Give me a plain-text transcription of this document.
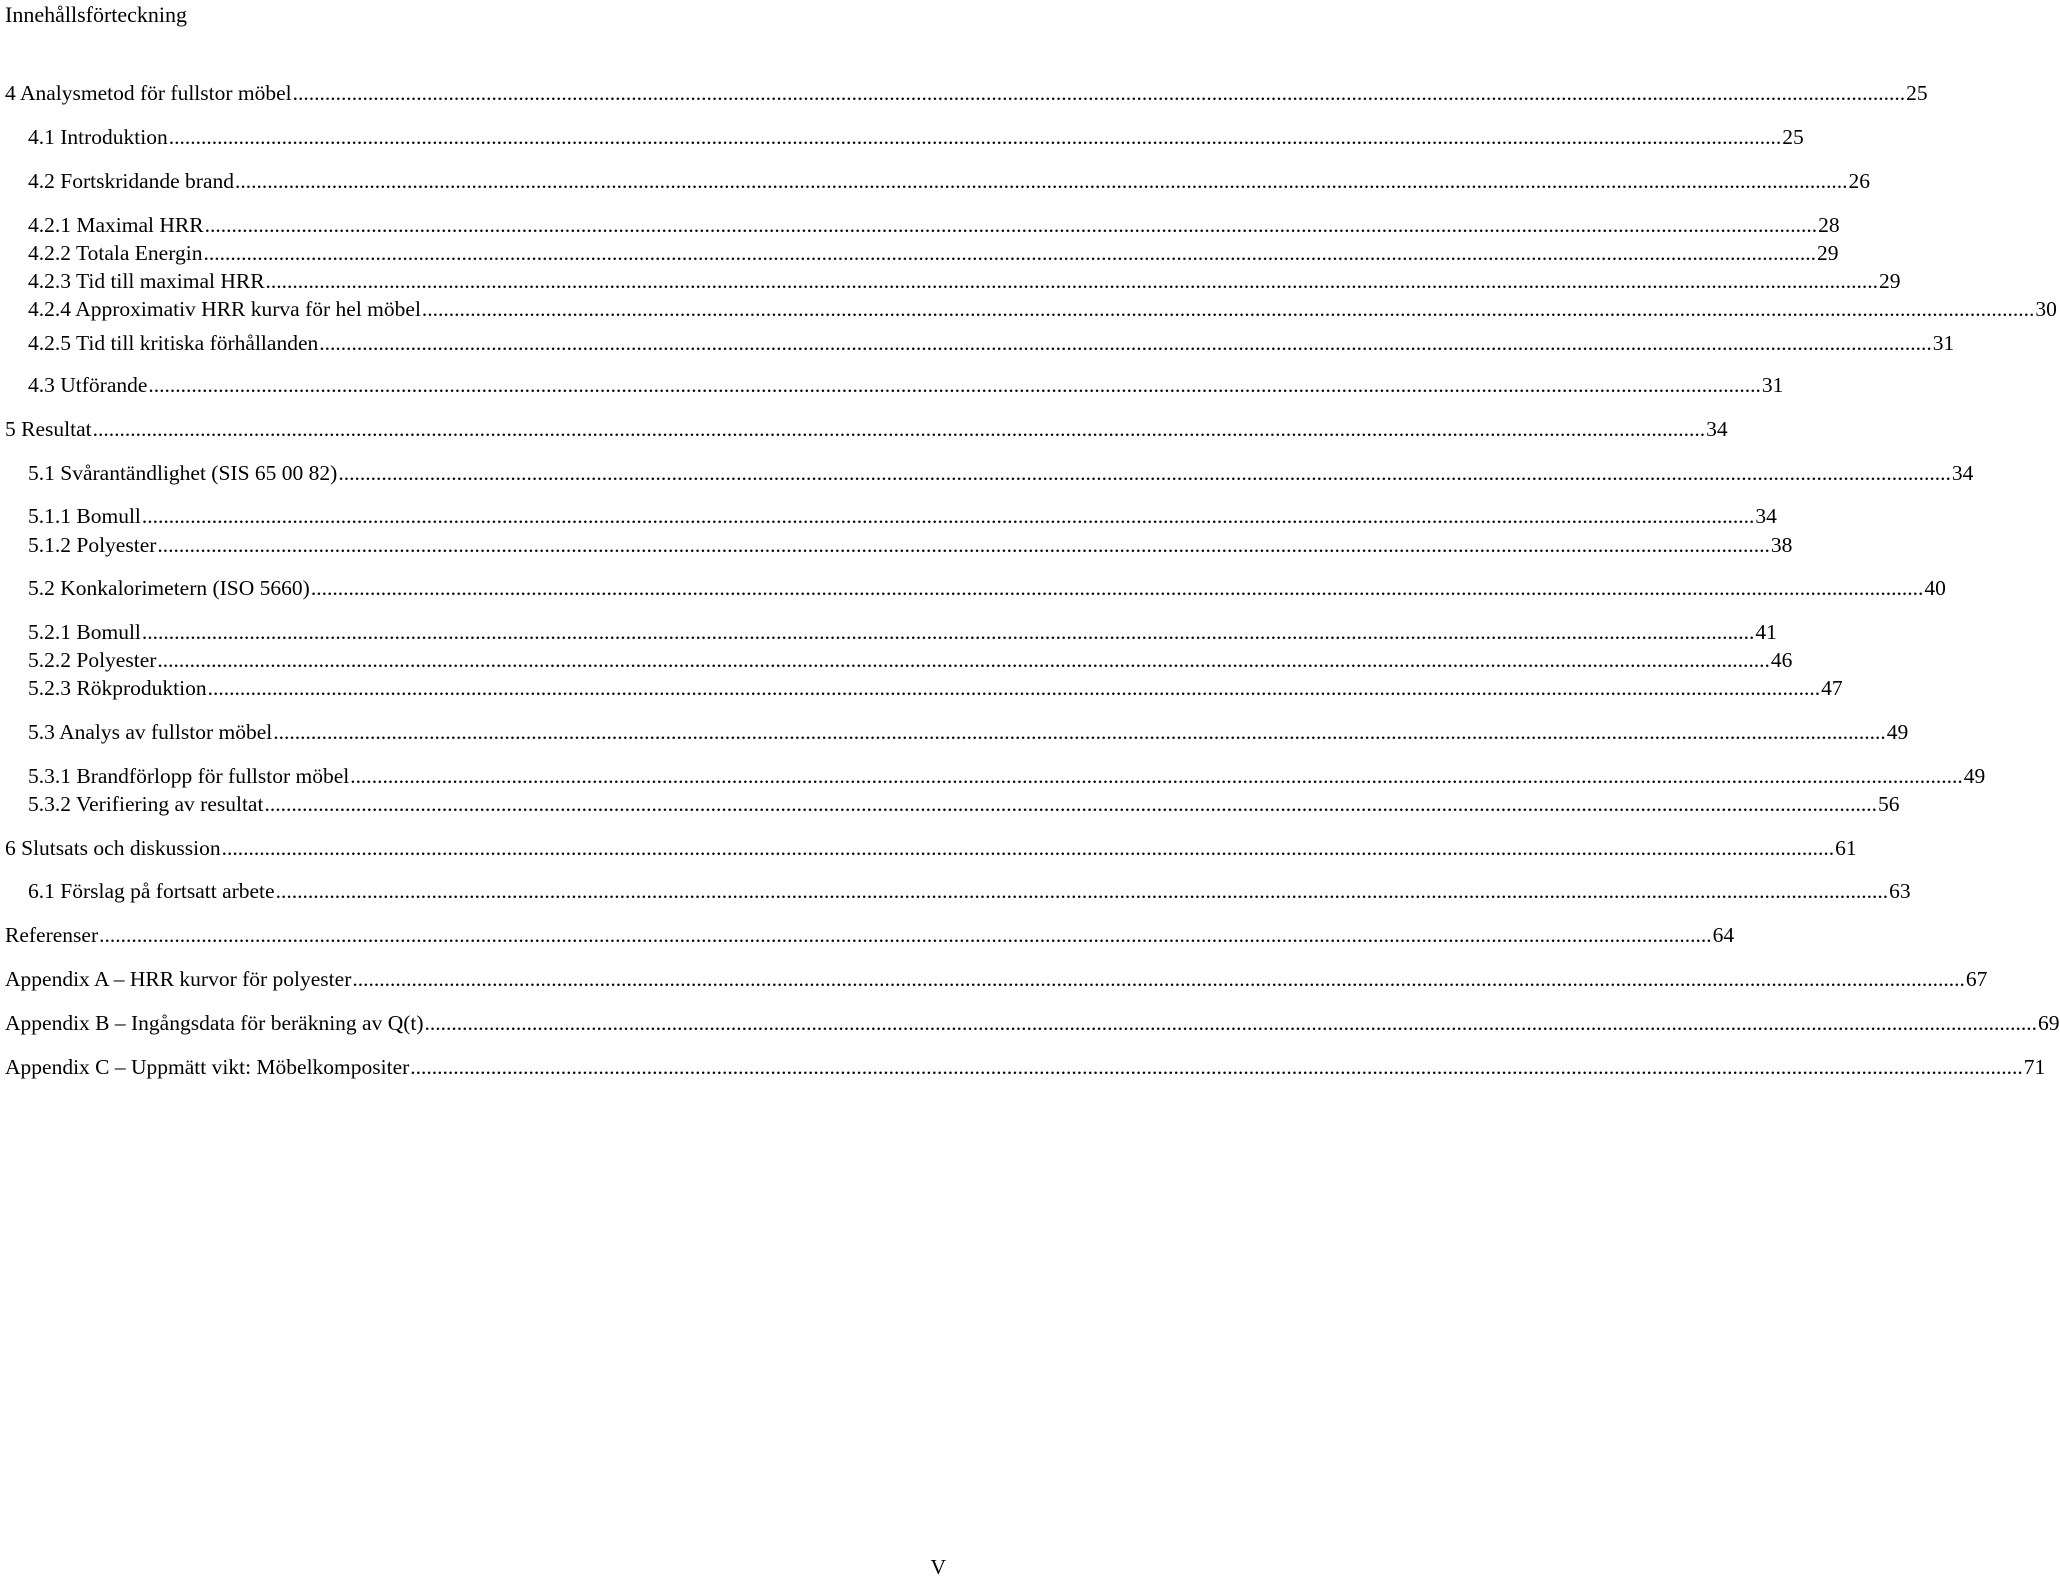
Innehållsförteckning
4 Analysmetod för fullstor möbel ............................................................................................................................................................................................................................................................................................................ 25
4.1 Introduktion ............................................................................................................................................................................................................................................................................................................ 25
4.2 Fortskridande brand ............................................................................................................................................................................................................................................................................................................ 26
4.2.1 Maximal HRR ............................................................................................................................................................................................................................................................................................................ 28
4.2.2 Totala Energin ............................................................................................................................................................................................................................................................................................................ 29
4.2.3 Tid till maximal HRR ............................................................................................................................................................................................................................................................................................................ 29
4.2.4 Approximativ HRR kurva för hel möbel ............................................................................................................................................................................................................................................................................................................ 30
4.2.5 Tid till kritiska förhållanden ............................................................................................................................................................................................................................................................................................................ 31
4.3 Utförande ............................................................................................................................................................................................................................................................................................................ 31
5 Resultat ............................................................................................................................................................................................................................................................................................................ 34
5.1 Svårantändlighet (SIS 65 00 82) ............................................................................................................................................................................................................................................................................................................ 34
5.1.1 Bomull ............................................................................................................................................................................................................................................................................................................ 34
5.1.2 Polyester ............................................................................................................................................................................................................................................................................................................ 38
5.2 Konkalorimetern (ISO 5660) ............................................................................................................................................................................................................................................................................................................ 40
5.2.1 Bomull ............................................................................................................................................................................................................................................................................................................ 41
5.2.2 Polyester ............................................................................................................................................................................................................................................................................................................ 46
5.2.3 Rökproduktion ............................................................................................................................................................................................................................................................................................................ 47
5.3 Analys av fullstor möbel ............................................................................................................................................................................................................................................................................................................ 49
5.3.1 Brandförlopp för fullstor möbel ............................................................................................................................................................................................................................................................................................................ 49
5.3.2 Verifiering av resultat ............................................................................................................................................................................................................................................................................................................ 56
6 Slutsats och diskussion ............................................................................................................................................................................................................................................................................................................ 61
6.1 Förslag på fortsatt arbete ............................................................................................................................................................................................................................................................................................................ 63
Referenser ............................................................................................................................................................................................................................................................................................................ 64
Appendix A – HRR kurvor för polyester ............................................................................................................................................................................................................................................................................................................ 67
Appendix B – Ingångsdata för beräkning av Q(t) ............................................................................................................................................................................................................................................................................................................ 69
Appendix C – Uppmätt vikt: Möbelkompositer ............................................................................................................................................................................................................................................................................................................ 71
V
